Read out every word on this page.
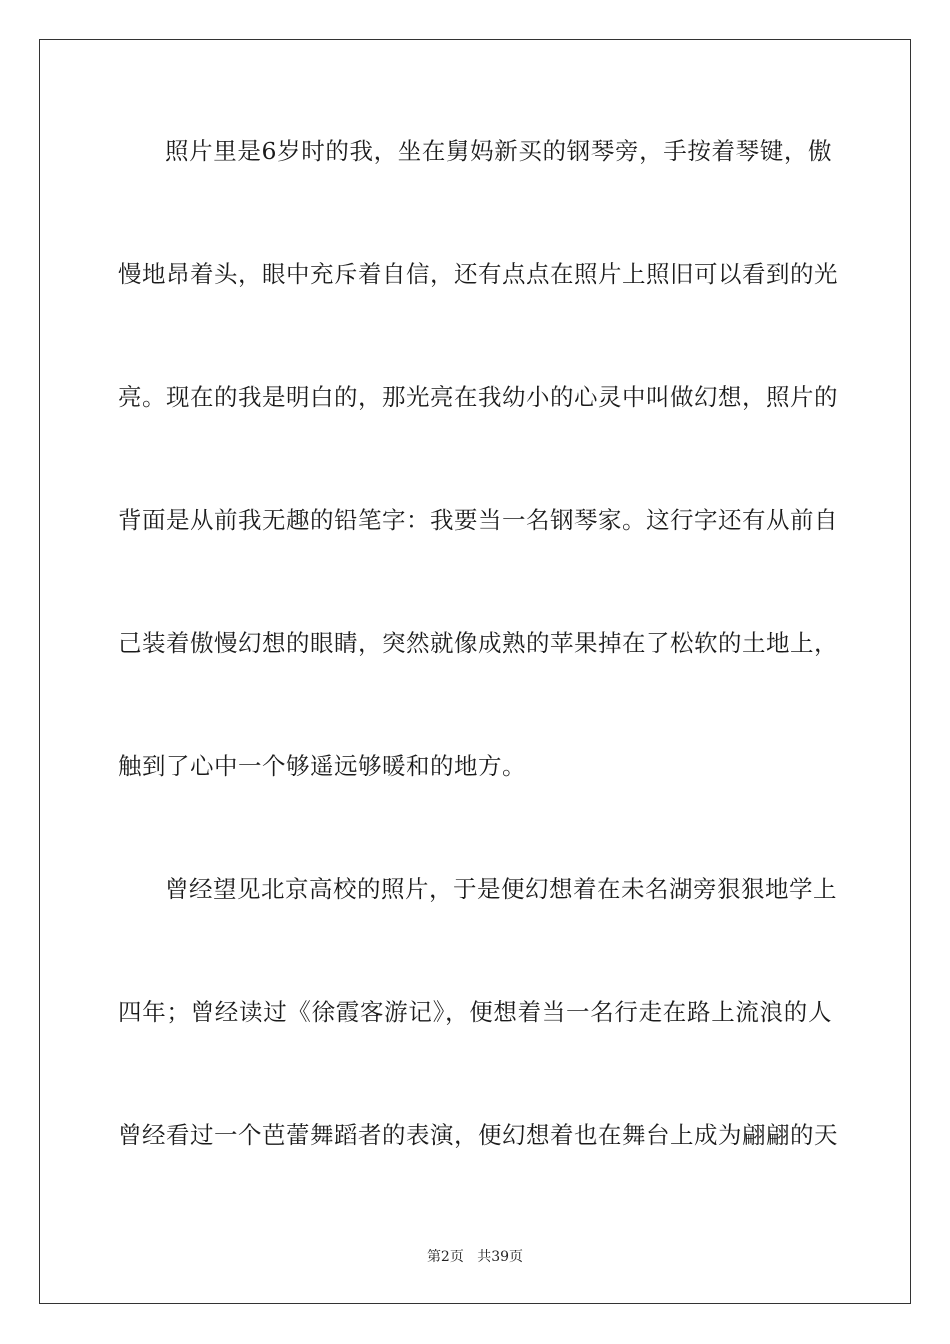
照片里是6岁时的我，坐在舅妈新买的钢琴旁，手按着琴键，傲
慢地昂着头，眼中充斥着自信，还有点点在照片上照旧可以看到的光
亮。现在的我是明白的，那光亮在我幼小的心灵中叫做幻想，照片的
背面是从前我无趣的铅笔字：我要当一名钢琴家。这行字还有从前自
己装着傲慢幻想的眼睛，突然就像成熟的苹果掉在了松软的土地上，
触到了心中一个够遥远够暖和的地方。
曾经望见北京高校的照片，于是便幻想着在未名湖旁狠狠地学上
四年；曾经读过《徐霞客游记》，便想着当一名行走在路上流浪的人
曾经看过一个芭蕾舞蹈者的表演，便幻想着也在舞台上成为翩翩的天
第2页 共39页
